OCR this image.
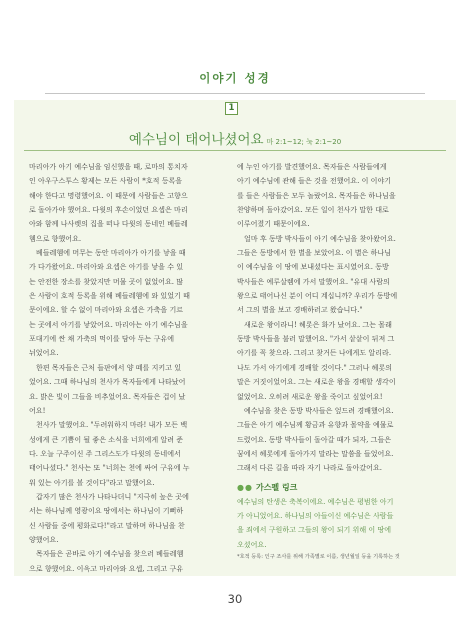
이야기 성경
1
예수님이 태어나셨어요 마 2:1~12; 눅 2:1~20
마리아가 아기 예수님을 임신했을 때, 로마의 통치자
인 아우구스투스 황제는 모든 사람이 *호적 등록을
해야 한다고 명령했어요. 이 때문에 사람들은 고향으
로 돌아가야 했어요. 다윗의 후손이었던 요셉은 마리
아와 함께 나사렛의 집을 떠나 다윗의 동네인 베들레
헴으로 향했어요.
　베들레헴에 머무는 동안 마리아가 아기를 낳을 때
가 다가왔어요. 마리아와 요셉은 아기를 낳을 수 있
는 안전한 장소를 찾았지만 머물 곳이 없었어요. 많
은 사람이 호적 등록을 위해 베들레헴에 와 있었기 때
문이에요. 할 수 없이 마리아와 요셉은 가축을 기르
는 곳에서 아기를 낳았어요. 마리아는 아기 예수님을
포대기에 싼 채 가축의 먹이를 담아 두는 구유에
뉘었어요.
　한편 목자들은 근처 들판에서 양 떼를 지키고 있
었어요. 그때 하나님의 천사가 목자들에게 나타났어
요. 밝은 빛이 그들을 비추었어요. 목자들은 겁이 났
어요!
　천사가 말했어요. "두려워하지 마라! 내가 모든 백
성에게 큰 기쁨이 될 좋은 소식을 너희에게 알려 준
다. 오늘 구주이신 주 그리스도가 다윗의 동네에서
태어나셨다." 천사는 또 "너희는 천에 싸여 구유에 누
워 있는 아기를 볼 것이다"라고 말했어요.
　갑자기 많은 천사가 나타나더니 "지극히 높은 곳에
서는 하나님께 영광이요 땅에서는 하나님이 기뻐하
신 사람들 중에 평화로다!"라고 말하며 하나님을 찬
양했어요.
　목자들은 곧바로 아기 예수님을 찾으러 베들레헴
으로 향했어요. 이윽고 마리아와 요셉, 그리고 구유
에 누인 아기를 발견했어요. 목자들은 사람들에게
아기 예수님에 관해 들은 것을 전했어요. 이 이야기
를 들은 사람들은 모두 놀랐어요. 목자들은 하나님을
찬양하며 돌아갔어요. 모든 일이 천사가 말한 대로
이루어졌기 때문이에요.
　얼마 후 동방 박사들이 아기 예수님을 찾아왔어요.
그들은 동방에서 한 별을 보았어요. 이 별은 하나님
이 예수님을 이 땅에 보내셨다는 표시였어요. 동방
박사들은 예루살렘에 가서 말했어요. "유대 사람의
왕으로 태어나신 분이 어디 계십니까? 우리가 동방에
서 그의 별을 보고 경배하러고 왔습니다."
　새로운 왕이라니! 헤롯은 화가 났어요. 그는 몰래
동방 박사들을 불러 말했어요. "가서 샅샅이 뒤져 그
아기를 꼭 찾으라. 그리고 찾거든 나에게도 알리라.
나도 가서 아기에게 경배할 것이다." 그러나 헤롯의
말은 거짓이었어요. 그는 새로운 왕을 경배할 생각이
없었어요. 오히려 새로운 왕을 죽이고 싶었어요!
　예수님을 찾은 동방 박사들은 엎드려 경배했어요.
그들은 아기 예수님께 황금과 유향과 몰약을 예물로
드렸어요. 동방 박사들이 돌아갈 때가 되자, 그들은
꿈에서 헤롯에게 돌아가지 말라는 말씀을 들었어요.
그래서 다른 길을 따라 자기 나라로 돌아갔어요.
●● 가스펠 링크
예수님의 탄생은 축복이에요. 예수님은 평범한 아기
가 아니었어요. 하나님의 아들이신 예수님은 사람들
을 죄에서 구원하고 그들의 왕이 되기 위해 이 땅에
오셨어요.
*호적 등록: 인구 조사를 위해 가족별로 이름, 생년월일 등을 기록하는 것
30
